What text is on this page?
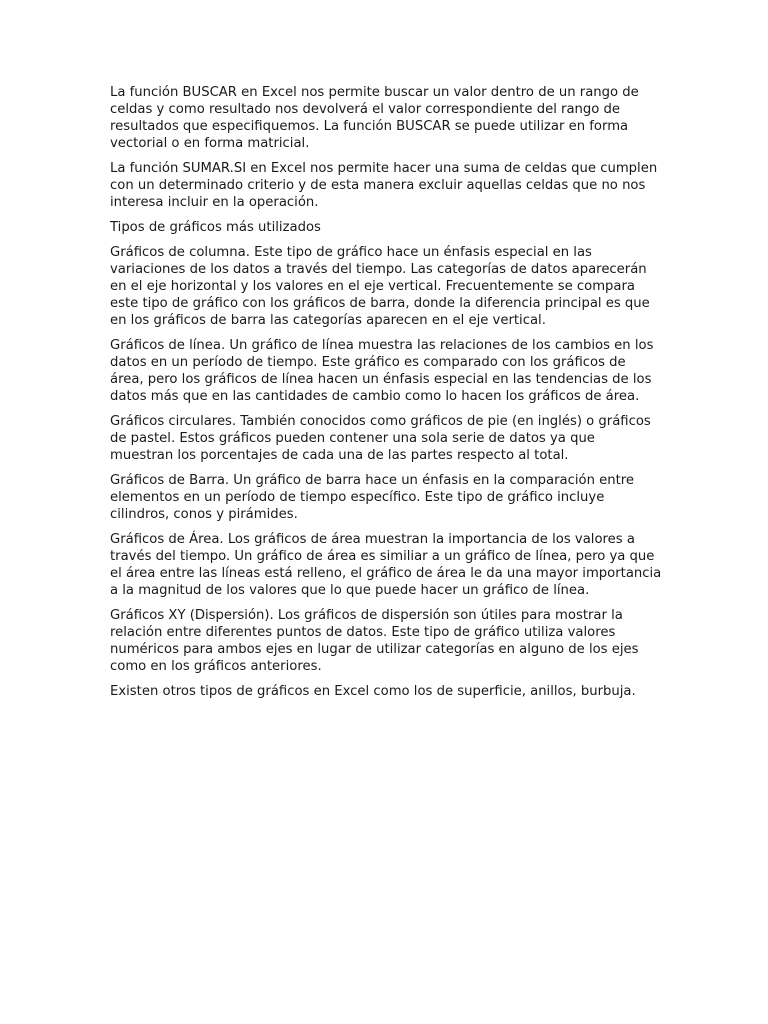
La función BUSCAR en Excel nos permite buscar un valor dentro de un rango de celdas y como resultado nos devolverá el valor correspondiente del rango de resultados que especifiquemos. La función BUSCAR se puede utilizar en forma vectorial o en forma matricial.

La función SUMAR.SI en Excel nos permite hacer una suma de celdas que cumplen con un determinado criterio y de esta manera excluir aquellas celdas que no nos interesa incluir en la operación.

Tipos de gráficos más utilizados

Gráficos de columna. Este tipo de gráfico hace un énfasis especial en las variaciones de los datos a través del tiempo. Las categorías de datos aparecerán en el eje horizontal y los valores en el eje vertical. Frecuentemente se compara este tipo de gráfico con los gráficos de barra, donde la diferencia principal es que en los gráficos de barra las categorías aparecen en el eje vertical.

Gráficos de línea. Un gráfico de línea muestra las relaciones de los cambios en los datos en un período de tiempo. Este gráfico es comparado con los gráficos de área, pero los gráficos de línea hacen un énfasis especial en las tendencias de los datos más que en las cantidades de cambio como lo hacen los gráficos de área.

Gráficos circulares. También conocidos como gráficos de pie (en inglés) o gráficos de pastel. Estos gráficos pueden contener una sola serie de datos ya que muestran los porcentajes de cada una de las partes respecto al total.

Gráficos de Barra. Un gráfico de barra hace un énfasis en la comparación entre elementos en un período de tiempo específico. Este tipo de gráfico incluye cilindros, conos y pirámides.

Gráficos de Área. Los gráficos de área muestran la importancia de los valores a través del tiempo. Un gráfico de área es similiar a un gráfico de línea, pero ya que el área entre las líneas está relleno, el gráfico de área le da una mayor importancia a la magnitud de los valores que lo que puede hacer un gráfico de línea.

Gráficos XY (Dispersión). Los gráficos de dispersión son útiles para mostrar la relación entre diferentes puntos de datos. Este tipo de gráfico utiliza valores numéricos para ambos ejes en lugar de utilizar categorías en alguno de los ejes como en los gráficos anteriores.

Existen otros tipos de gráficos en Excel como los de superficie, anillos, burbuja.
